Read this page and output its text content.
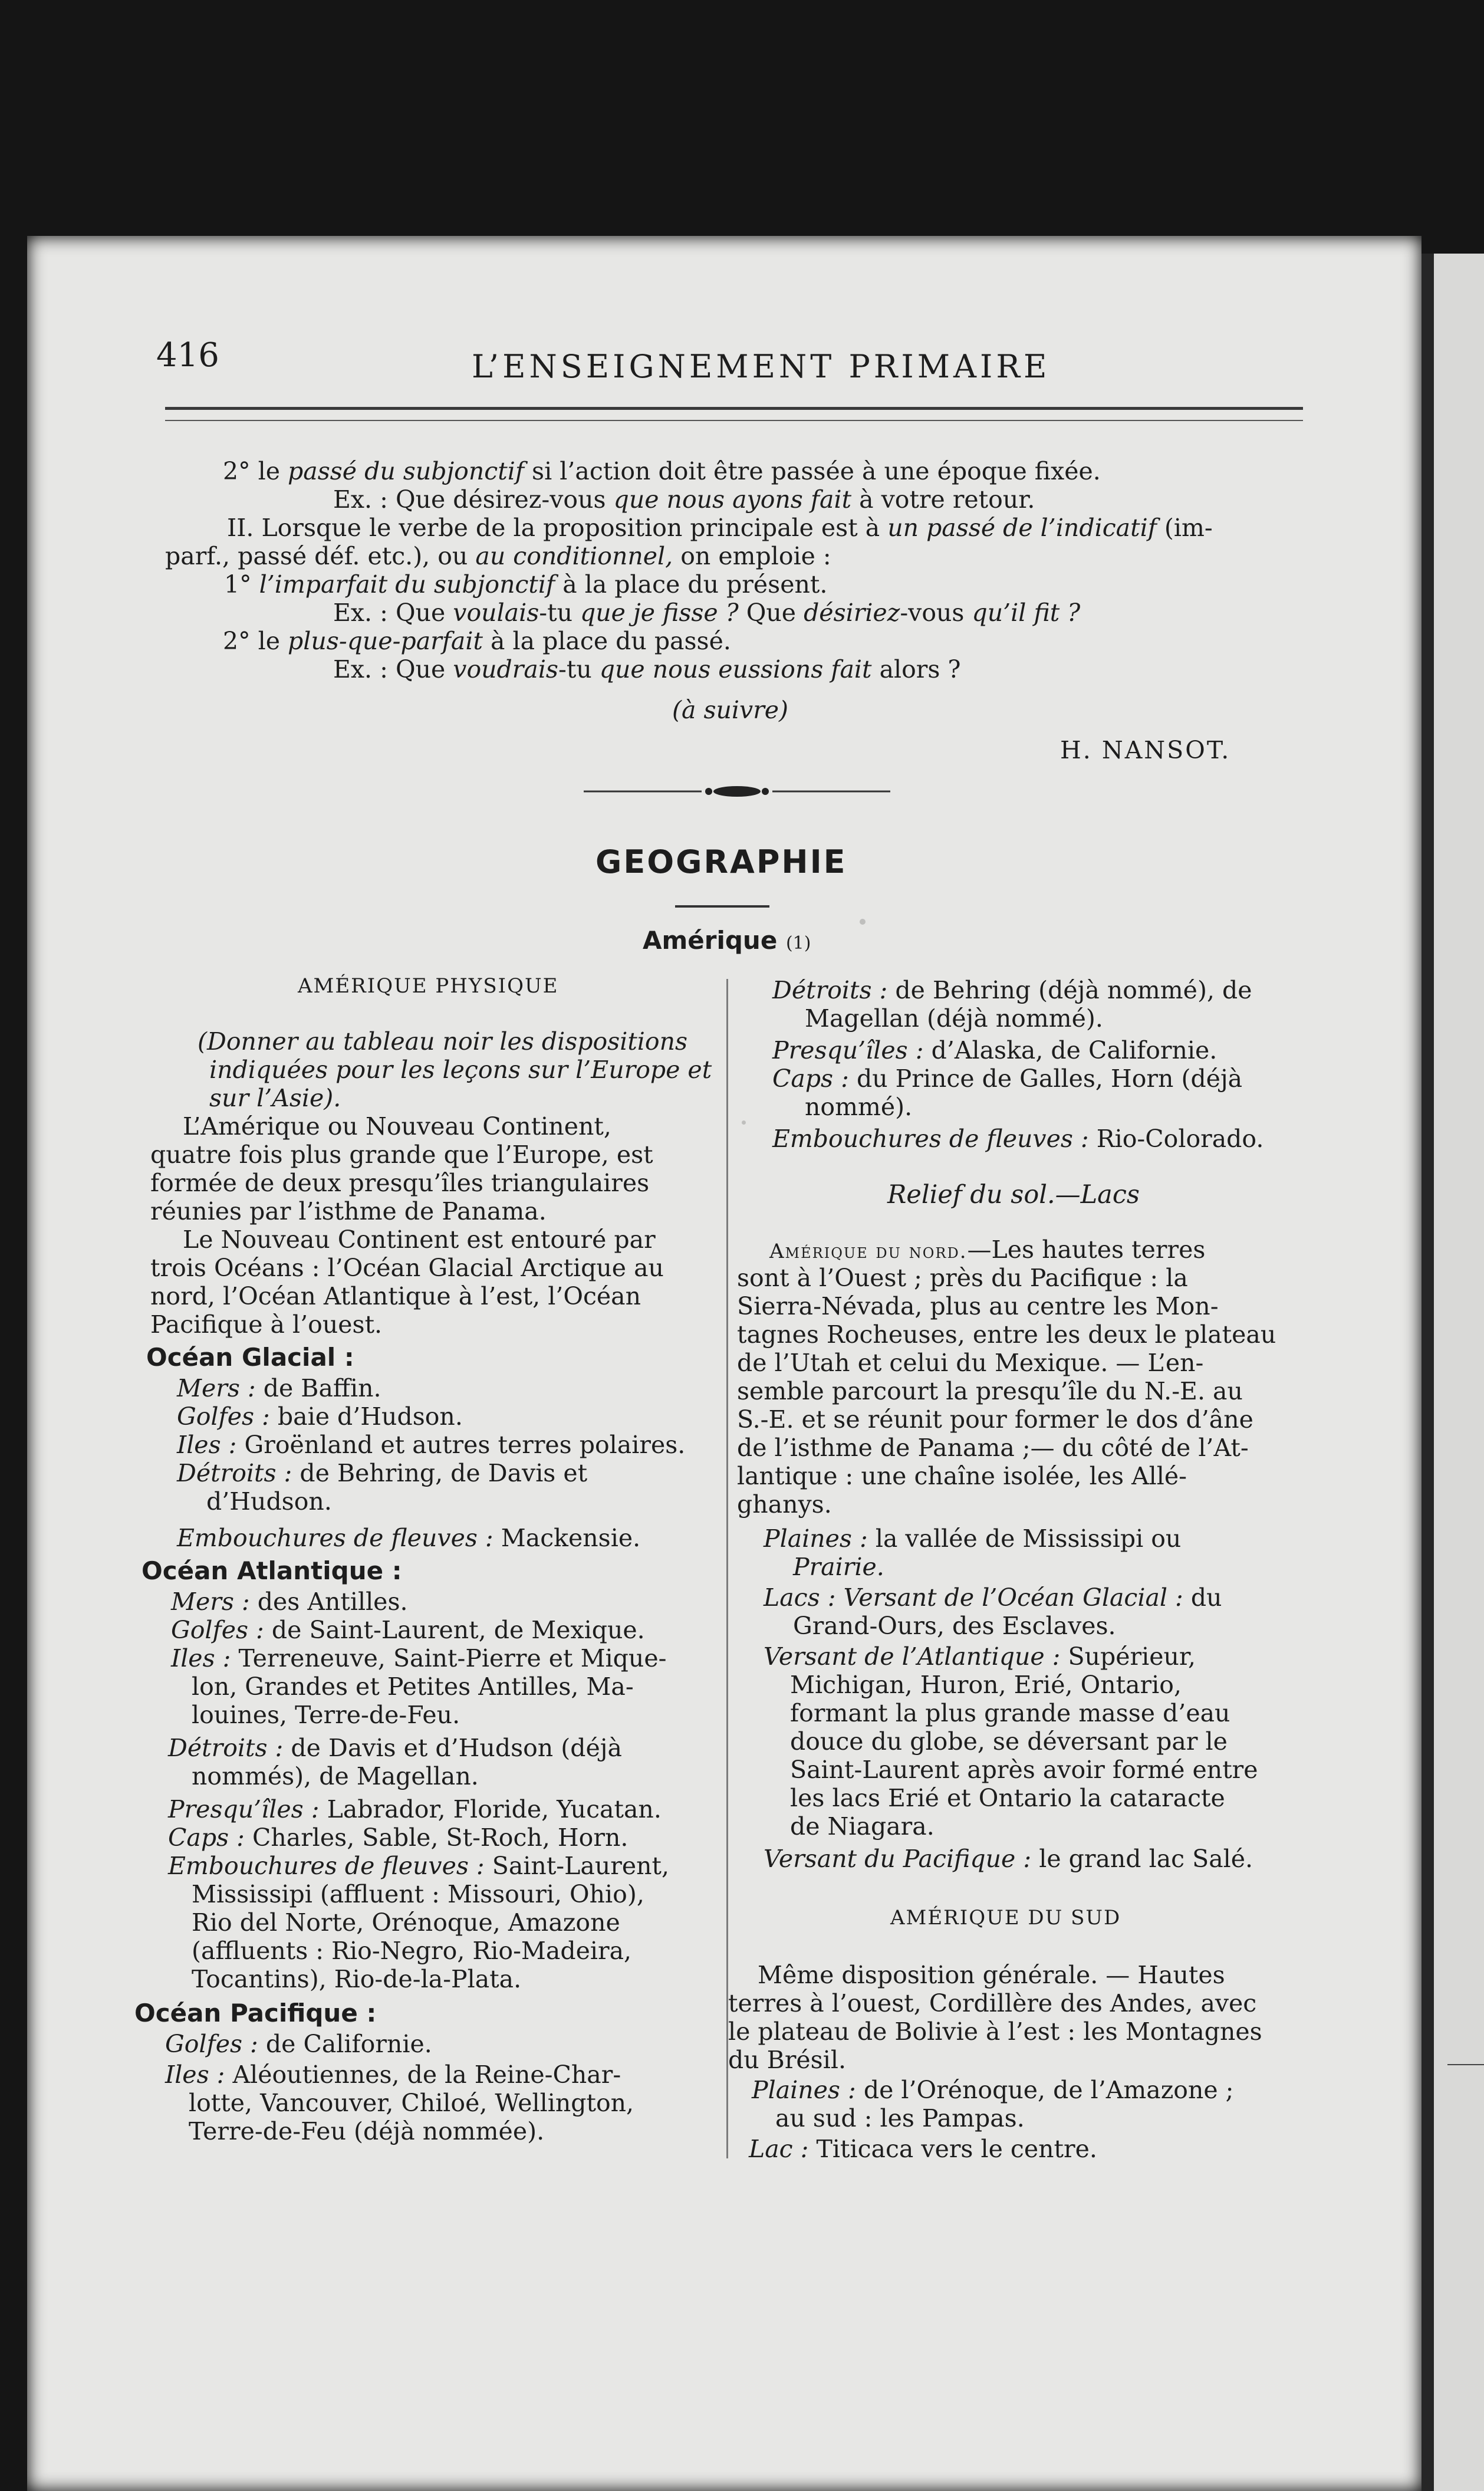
416	L’ENSEIGNEMENT PRIMAIRE
2° le passé du subjonctif si l’action doit être passée à une époque fixée.
Ex. : Que désirez-vous que nous ayons fait à votre retour.
II. Lorsque le verbe de la proposition principale est à un passé de l’indicatif (im-
parf., passé déf. etc.), ou au conditionnel, on emploie :
1° l’imparfait du subjonctif à la place du présent.
Ex. : Que voulais-tu que je fisse ? Que désiriez-vous qu’il fit ?
2° le plus-que-parfait à la place du passé.
Ex. : Que voudrais-tu que nous eussions fait alors ?
(à suivre)
H. NANSOT.
GEOGRAPHIE
Amérique (1)
AMÉRIQUE PHYSIQUE
(Donner au tableau noir les dispositions
indiquées pour les leçons sur l’Europe et
sur l’Asie).
L’Amérique ou Nouveau Continent,
quatre fois plus grande que l’Europe, est
formée de deux presqu’îles triangulaires
réunies par l’isthme de Panama.
Le Nouveau Continent est entouré par
trois Océans : l’Océan Glacial Arctique au
nord, l’Océan Atlantique à l’est, l’Océan
Pacifique à l’ouest.
Océan Glacial :
Mers : de Baffin.
Golfes : baie d’Hudson.
Iles : Groënland et autres terres polaires.
Détroits : de Behring, de Davis et
d’Hudson.
Embouchures de fleuves : Mackensie.
Océan Atlantique :
Mers : des Antilles.
Golfes : de Saint-Laurent, de Mexique.
Iles : Terreneuve, Saint-Pierre et Mique-
lon, Grandes et Petites Antilles, Ma-
louines, Terre-de-Feu.
Détroits : de Davis et d’Hudson (déjà
nommés), de Magellan.
Presqu’îles : Labrador, Floride, Yucatan.
Caps : Charles, Sable, St-Roch, Horn.
Embouchures de fleuves : Saint-Laurent,
Mississipi (affluent : Missouri, Ohio),
Rio del Norte, Orénoque, Amazone
(affluents : Rio-Negro, Rio-Madeira,
Tocantins), Rio-de-la-Plata.
Océan Pacifique :
Golfes : de Californie.
Iles : Aléoutiennes, de la Reine-Char-
lotte, Vancouver, Chiloé, Wellington,
Terre-de-Feu (déjà nommée).
Détroits : de Behring (déjà nommé), de
Magellan (déjà nommé).
Presqu’îles : d’Alaska, de Californie.
Caps : du Prince de Galles, Horn (déjà
nommé).
Embouchures de fleuves : Rio-Colorado.
Relief du sol.—Lacs
Amérique du nord.—Les hautes terres
sont à l’Ouest ; près du Pacifique : la
Sierra-Névada, plus au centre les Mon-
tagnes Rocheuses, entre les deux le plateau
de l’Utah et celui du Mexique. — L’en-
semble parcourt la presqu’île du N.-E. au
S.-E. et se réunit pour former le dos d’âne
de l’isthme de Panama ;— du côté de l’At-
lantique : une chaîne isolée, les Allé-
ghanys.
Plaines : la vallée de Mississipi ou
Prairie.
Lacs : Versant de l’Océan Glacial : du
Grand-Ours, des Esclaves.
Versant de l’Atlantique : Supérieur,
Michigan, Huron, Erié, Ontario,
formant la plus grande masse d’eau
douce du globe, se déversant par le
Saint-Laurent après avoir formé entre
les lacs Erié et Ontario la cataracte
de Niagara.
Versant du Pacifique : le grand lac Salé.
AMÉRIQUE DU SUD
Même disposition générale. — Hautes
terres à l’ouest, Cordillère des Andes, avec
le plateau de Bolivie à l’est : les Montagnes
du Brésil.
Plaines : de l’Orénoque, de l’Amazone ;
au sud : les Pampas.
Lac : Titicaca vers le centre.
